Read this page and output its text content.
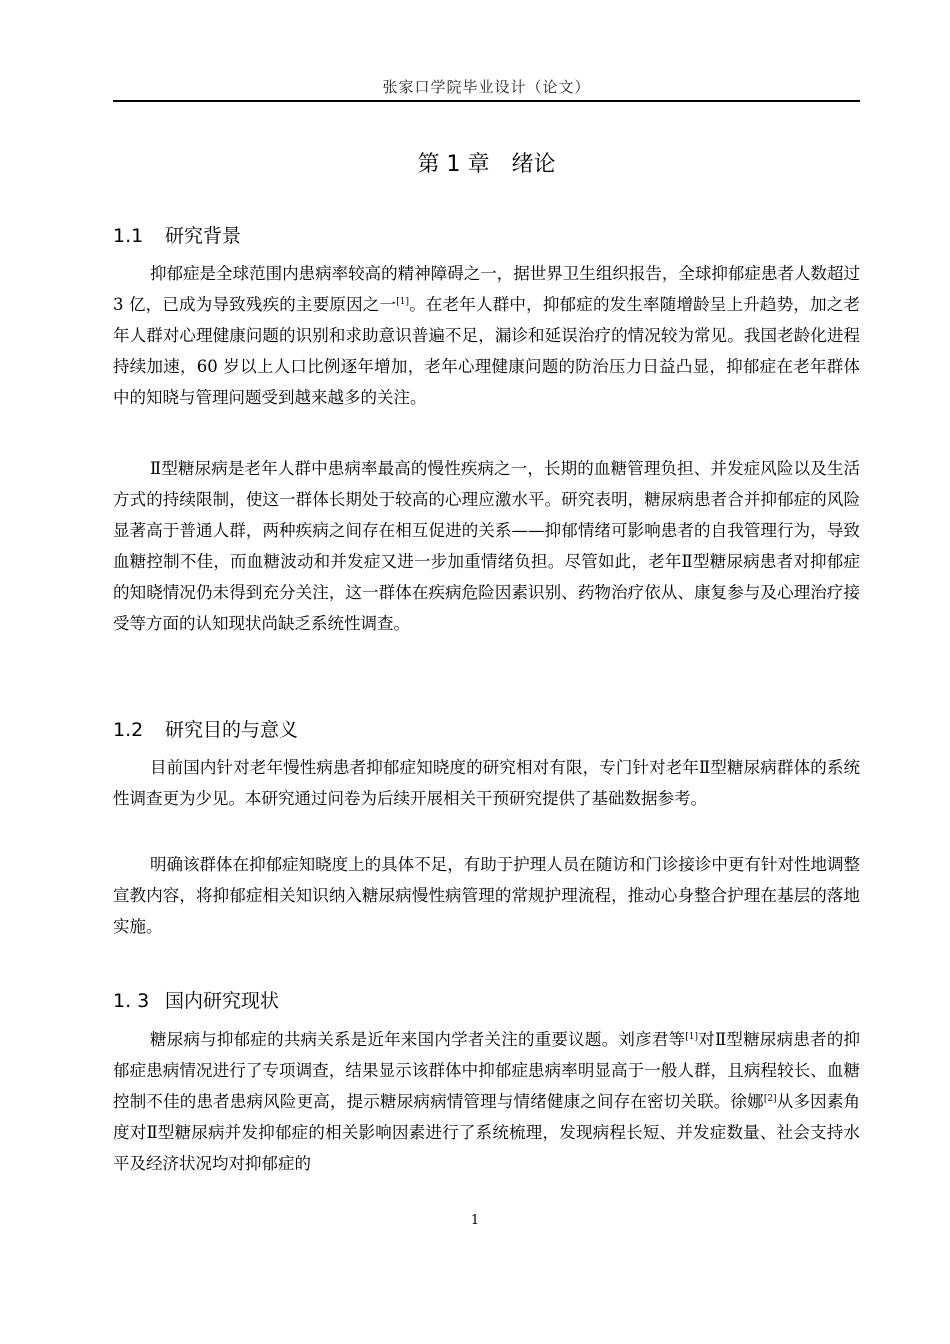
张家口学院毕业设计（论文）
第 1 章　绪论
1.1 研究背景

抑郁症是全球范围内患病率较高的精神障碍之一，据世界卫生组织报告，全球抑郁症患者人数超过 3 亿，已成为导致残疾的主要原因之一[1]。在老年人群中，抑郁症的发生率随增龄呈上升趋势，加之老年人群对心理健康问题的识别和求助意识普遍不足，漏诊和延误治疗的情况较为常见。我国老龄化进程持续加速，60 岁以上人口比例逐年增加，老年心理健康问题的防治压力日益凸显，抑郁症在老年群体中的知晓与管理问题受到越来越多的关注。

Ⅱ型糖尿病是老年人群中患病率最高的慢性疾病之一，长期的血糖管理负担、并发症风险以及生活方式的持续限制，使这一群体长期处于较高的心理应激水平。研究表明，糖尿病患者合并抑郁症的风险显著高于普通人群，两种疾病之间存在相互促进的关系——抑郁情绪可影响患者的自我管理行为，导致血糖控制不佳，而血糖波动和并发症又进一步加重情绪负担。尽管如此，老年Ⅱ型糖尿病患者对抑郁症的知晓情况仍未得到充分关注，这一群体在疾病危险因素识别、药物治疗依从、康复参与及心理治疗接受等方面的认知现状尚缺乏系统性调查。

1.2 研究目的与意义

目前国内针对老年慢性病患者抑郁症知晓度的研究相对有限，专门针对老年Ⅱ型糖尿病群体的系统性调查更为少见。本研究通过问卷为后续开展相关干预研究提供了基础数据参考。

明确该群体在抑郁症知晓度上的具体不足，有助于护理人员在随访和门诊接诊中更有针对性地调整宣教内容，将抑郁症相关知识纳入糖尿病慢性病管理的常规护理流程，推动心身整合护理在基层的落地实施。

1. 3 国内研究现状

糖尿病与抑郁症的共病关系是近年来国内学者关注的重要议题。刘彦君等[1]对Ⅱ型糖尿病患者的抑郁症患病情况进行了专项调查，结果显示该群体中抑郁症患病率明显高于一般人群，且病程较长、血糖控制不佳的患者患病风险更高，提示糖尿病病情管理与情绪健康之间存在密切关联。徐娜[2]从多因素角度对Ⅱ型糖尿病并发抑郁症的相关影响因素进行了系统梳理，发现病程长短、并发症数量、社会支持水平及经济状况均对抑郁症的

1
